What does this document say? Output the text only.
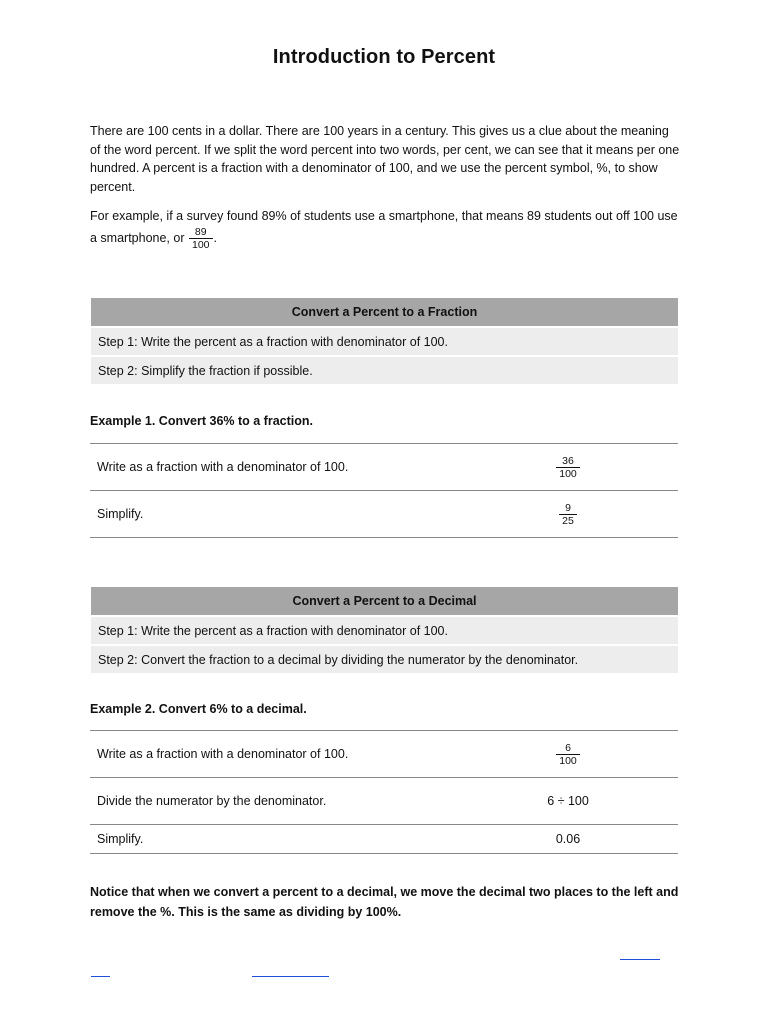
Introduction to Percent

There are 100 cents in a dollar. There are 100 years in a century. This gives us a clue about the meaning of the word percent. If we split the word percent into two words, per cent, we can see that it means per one hundred. A percent is a fraction with a denominator of 100, and we use the percent symbol, %, to show percent.

For example, if a survey found 89% of students use a smartphone, that means 89 students out off 100 use a smartphone, or $\frac{89}{100}$ .

Convert a Percent to a Fraction
Step 1: Write the percent as a fraction with denominator of 100.
Step 2: Simplify the fraction if possible.

Example 1. Convert 36% to a fraction.

Write as a fraction with a denominator of 100.	$\frac{36}{100}$

Simplify.	$\frac{9}{25}$
Convert a Percent to a Decimal
Step 1: Write the percent as a fraction with denominator of 100.
Step 2: Convert the fraction to a decimal by dividing the numerator by the denominator.

Example 2. Convert 6% to a decimal.

Write as a fraction with a denominator of 100.	$\frac{6}{100}$

Divide the numerator by the denominator.	6 ÷ 100
Simplify.	0.06

Notice that when we convert a percent to a decimal, we move the decimal two places to the left and remove the %. This is the same as dividing by 100%.
